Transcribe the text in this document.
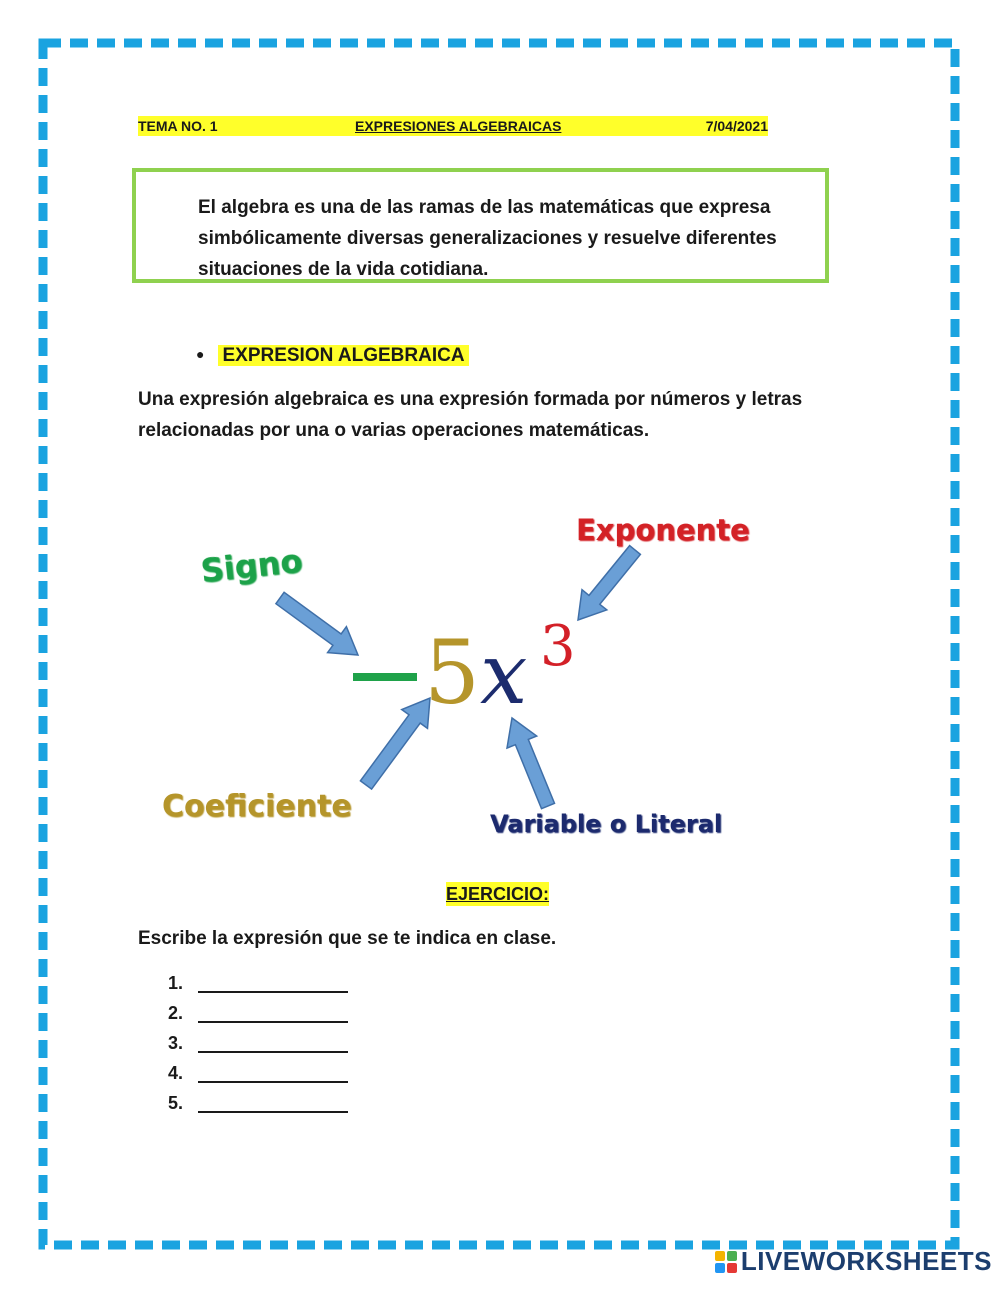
TEMA NO. 1	EXPRESIONES ALGEBRAICAS	7/04/2021
El algebra es una de las ramas de las matemáticas que expresa simbólicamente diversas generalizaciones y resuelve diferentes situaciones de la vida cotidiana.
● EXPRESION ALGEBRAICA
Una expresión algebraica es una expresión formada por números y letras relacionadas por una o varias operaciones matemáticas.
5 x 3
Signo
Exponente
Coeficiente	Variable o Literal
EJERCICIO:
Escribe la expresión que se te indica en clase.
1.
2.
3.
4.
5.
LIVEWORKSHEETS
